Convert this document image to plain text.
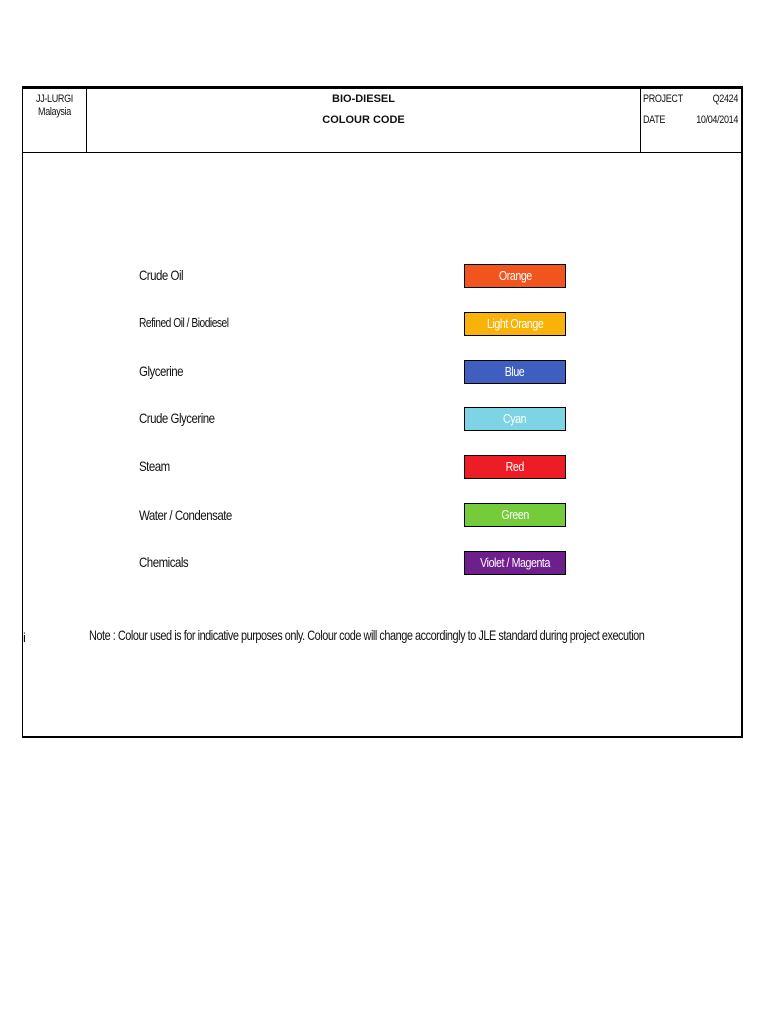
JJ-LURGI
Malaysia
BIO-DIESEL
COLOUR CODE
PROJECT	Q2424
DATE	10/04/2014
Crude Oil	Orange
Refined Oil / Biodiesel	Light Orange
Glycerine	Blue
Crude Glycerine	Cyan
Steam	Red
Water / Condensate	Green
Chemicals	Violet / Magenta
i	Note : Colour used is for indicative purposes only. Colour code will change accordingly to JLE standard during project execution
